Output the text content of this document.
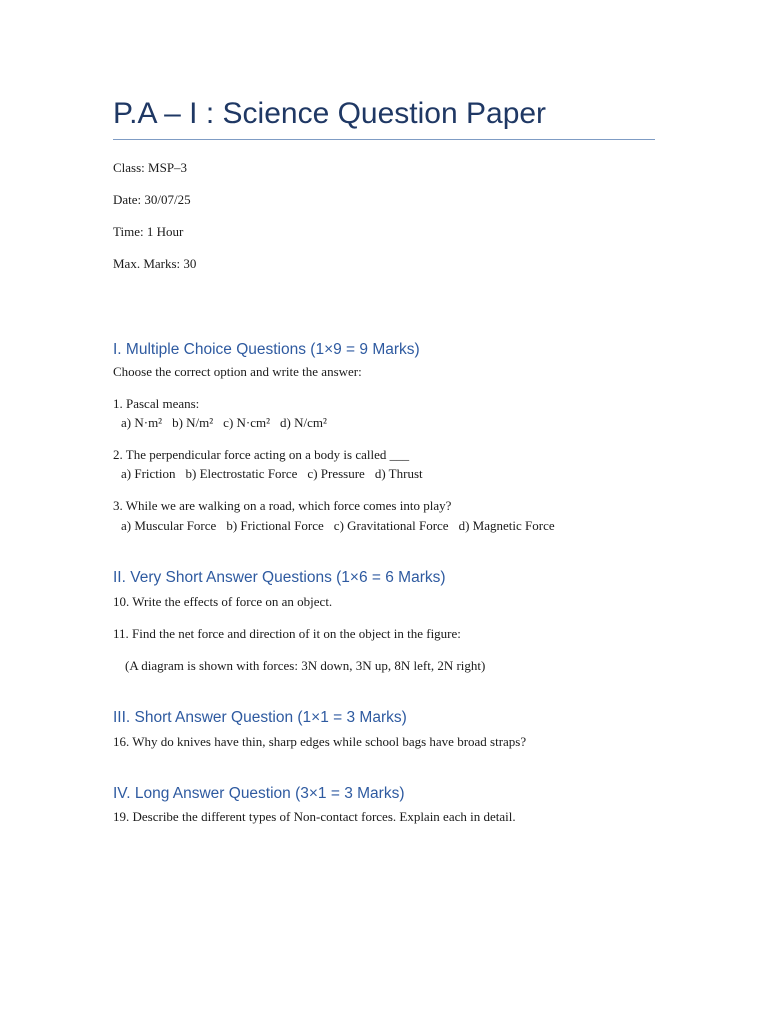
P.A – I : Science Question Paper

Class: MSP–3

Date: 30/07/25

Time: 1 Hour

Max. Marks: 30

I. Multiple Choice Questions (1×9 = 9 Marks)

Choose the correct option and write the answer:

1. Pascal means:

a) N·m² b) N/m² c) N·cm² d) N/cm²

2. The perpendicular force acting on a body is called ___

a) Friction b) Electrostatic Force c) Pressure d) Thrust

3. While we are walking on a road, which force comes into play?

a) Muscular Force b) Frictional Force c) Gravitational Force d) Magnetic Force

II. Very Short Answer Questions (1×6 = 6 Marks)

10. Write the effects of force on an object.

11. Find the net force and direction of it on the object in the figure:

(A diagram is shown with forces: 3N down, 3N up, 8N left, 2N right)

III. Short Answer Question (1×1 = 3 Marks)

16. Why do knives have thin, sharp edges while school bags have broad straps?

IV. Long Answer Question (3×1 = 3 Marks)

19. Describe the different types of Non-contact forces. Explain each in detail.
